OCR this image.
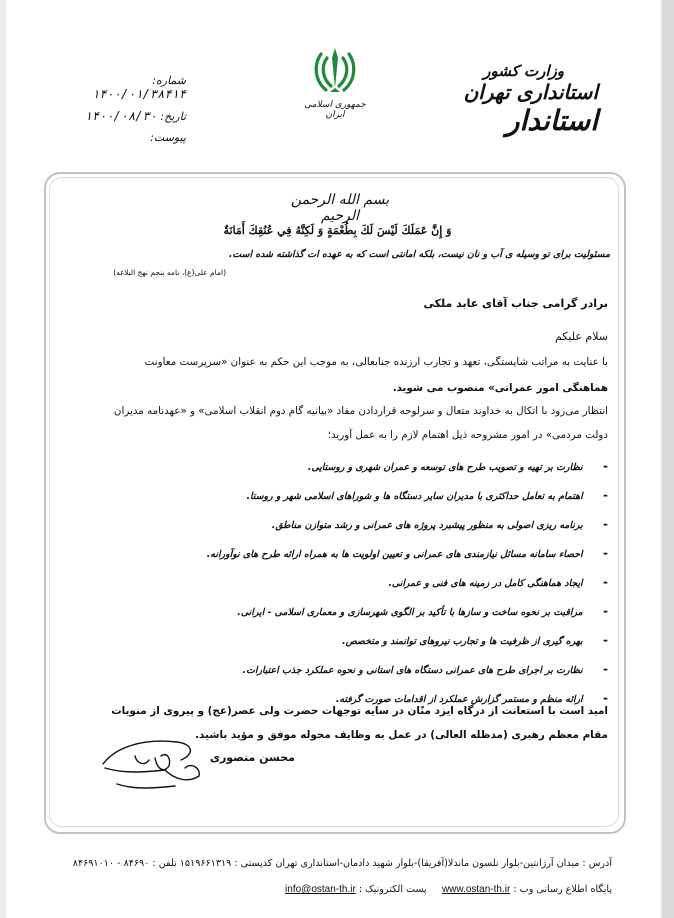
وزارت کشور
استانداری تهران
استاندار
جمهوری اسلامی ایران
شماره: ۱۴۰۰/۰۱/۳۸۴۱۴
تاریخ: ۱۴۰۰/۰۸/۳۰
پیوست:
بسم الله الرحمن الرحیم
وَ إِنَّ عَمَلَكَ لَيْسَ لَكَ بِطُعْمَةٍ وَ لَكِنَّهُ فِي عُنُقِكَ أَمَانَةٌ
مسئولیت برای تو وسیله ی آب و نان نیست، بلکه امانتی است که به عهده ات گذاشته شده است.
(امام علی(ع)، نامه پنجم نهج البلاغه)
برادر گرامی جناب آقای عابد ملکی
سلام علیکم
با عنایت به مراتب شایستگی، تعهد و تجارب ارزنده جنابعالی، به موجب این حکم به عنوان «سرپرست معاونت
هماهنگی امور عمرانی» منصوب می شوید.
انتظار می‌رود با اتکال به خداوند متعال و سرلوحه قراردادن مفاد «بیانیه گام دوم انقلاب اسلامی» و «عهدنامه مدیران
دولت مردمی» در امور مشروحه ذیل اهتمام لازم را به عمل آورید؛
-    نظارت بر تهیه و تصویب طرح های توسعه و عمران شهری و روستایی.
-    اهتمام به تعامل حداکثری با مدیران سایر دستگاه ها و شوراهای اسلامی شهر و روستا.
-    برنامه ریزی اصولی به منظور پیشبرد پروژه های عمرانی و رشد متوازن مناطق.
-    احصاء سامانه مسائل نیازمندی های عمرانی و تعیین اولویت ها به همراه ارائه طرح های نوآورانه.
-    ایجاد هماهنگی کامل در زمینه های فنی و عمرانی.
-    مراقبت بر نحوه ساخت و سازها با تأکید بر الگوی شهرسازی و معماری اسلامی - ایرانی.
-    بهره گیری از ظرفیت ها و تجارب نیروهای توانمند و متخصص.
-    نظارت بر اجرای طرح های عمرانی دستگاه های استانی و نحوه عملکرد جذب اعتبارات.
-    ارائه منظم و مستمر گزارش عملکرد از اقدامات صورت گرفته.
امید است با استعانت از درگاه ایزد منّان در سایه توجهات حضرت ولی عصر(عج) و پیروی از منویات
مقام معظم رهبری (مدظله العالی) در عمل به وظایف محوله موفق و مؤید باشید.
محسن منصوری
آدرس : میدان آرژانتین-بلوار نلسون ماندلا(آفریقا)-بلوار شهید دادمان-استانداری تهران کدپستی : ۱۵۱۹۶۶۱۳۱۹ تلفن : ۸۴۶۹۰ - ۸۴۶۹۱۰۱۰
پایگاه اطلاع رسانی وب : www.ostan-th.ir     پست الکترونیک : info@ostan-th.ir
